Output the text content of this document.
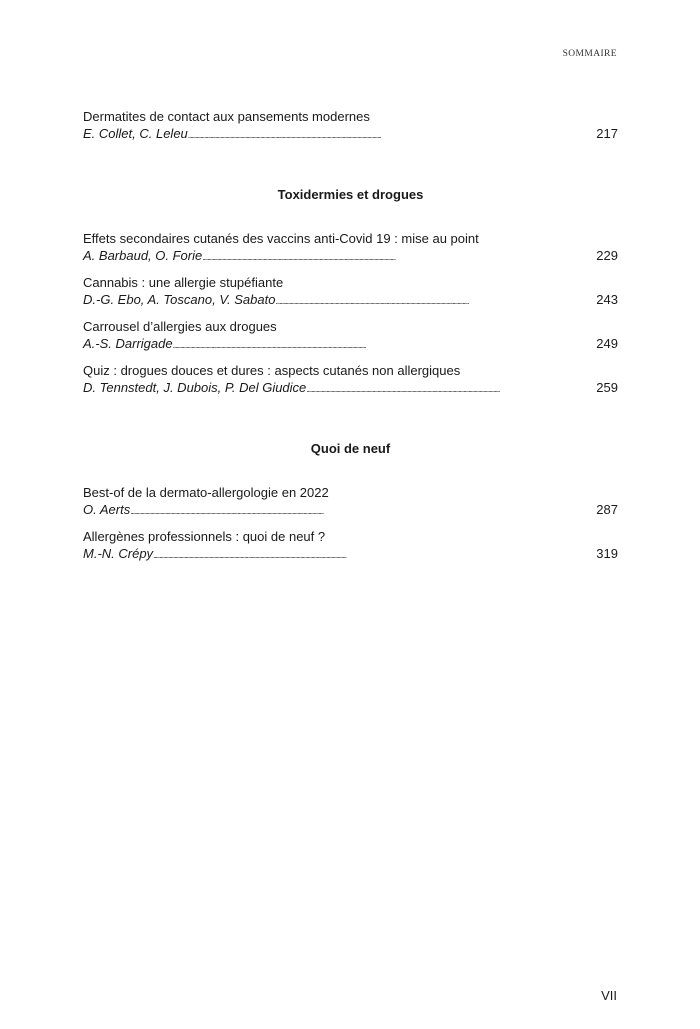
SOMMAIRE
Dermatites de contact aux pansements modernes
E. Collet, C. Leleu . . .	217
Toxidermies et drogues
Effets secondaires cutanés des vaccins anti-Covid 19 : mise au point
A. Barbaud, O. Forie . . .	229
Cannabis : une allergie stupéfiante
D.-G. Ebo, A. Toscano, V. Sabato . . .	243
Carrousel d’allergies aux drogues
A.-S. Darrigade . . .	249
Quiz : drogues douces et dures : aspects cutanés non allergiques
D. Tennstedt, J. Dubois, P. Del Giudice . . .	259
Quoi de neuf
Best-of de la dermato-allergologie en 2022
O. Aerts . . .	287
Allergènes professionnels : quoi de neuf ?
M.-N. Crépy . . .	319
VII
